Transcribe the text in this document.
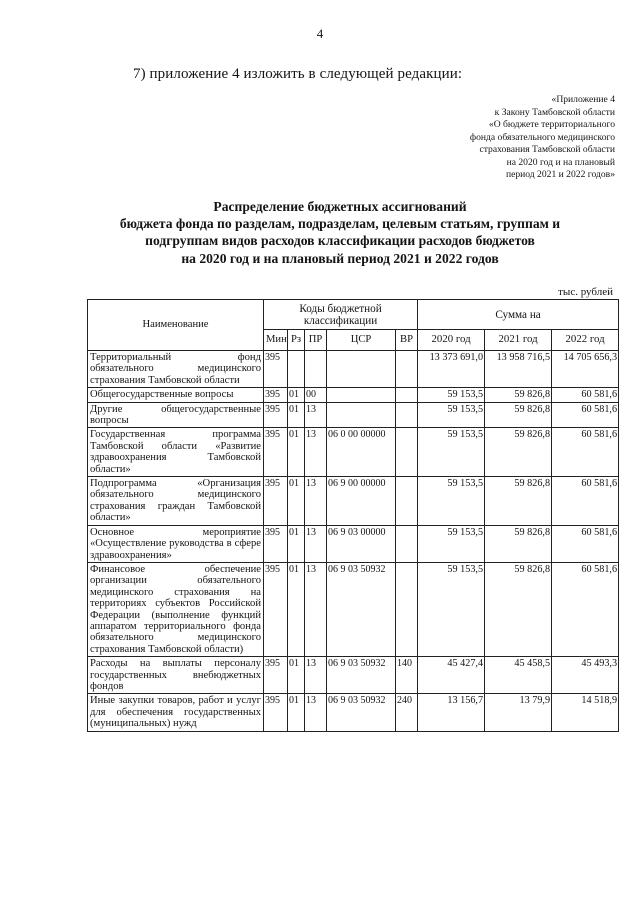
4
7) приложение 4 изложить в следующей редакции:
«Приложение 4
к Закону Тамбовской области
«О бюджете территориального
фонда обязательного медицинского
страхования Тамбовской области
на 2020 год и на плановый
период 2021 и 2022 годов»
Распределение бюджетных ассигнований
бюджета фонда по разделам, подразделам, целевым статьям, группам и
подгруппам видов расходов классификации расходов бюджетов
на 2020 год и на плановый период 2021 и 2022 годов
тыс. рублей
Наименование	Коды бюджетной классификации					Сумма на		
	Мин	Рз	ПР	ЦСР	ВР	2020 год	2021 год	2022 год
Территориальный фонд обязательного медицинского страхования Тамбовской области	395					13 373 691,0	13 958 716,5	14 705 656,3
Общегосударственные вопросы	395	01	00			59 153,5	59 826,8	60 581,6
Другие общегосударственные вопросы	395	01	13			59 153,5	59 826,8	60 581,6
Государственная программа Тамбовской области «Развитие здравоохранения Тамбовской области»	395	01	13	06 0 00 00000		59 153,5	59 826,8	60 581,6
Подпрограмма «Организация обязательного медицинского страхования граждан Тамбовской области»	395	01	13	06 9 00 00000		59 153,5	59 826,8	60 581,6
Основное мероприятие «Осуществление руководства в сфере здравоохранения»	395	01	13	06 9 03 00000		59 153,5	59 826,8	60 581,6
Финансовое обеспечение организации обязательного медицинского страхования на территориях субъектов Российской Федерации (выполнение функций аппаратом территориального фонда обязательного медицинского страхования Тамбовской области)	395	01	13	06 9 03 50932		59 153,5	59 826,8	60 581,6
Расходы на выплаты персоналу государственных внебюджетных фондов	395	01	13	06 9 03 50932	140	45 427,4	45 458,5	45 493,3
Иные закупки товаров, работ и услуг для обеспечения государственных (муниципальных) нужд	395	01	13	06 9 03 50932	240	13 156,7	13 79,9	14 518,9
